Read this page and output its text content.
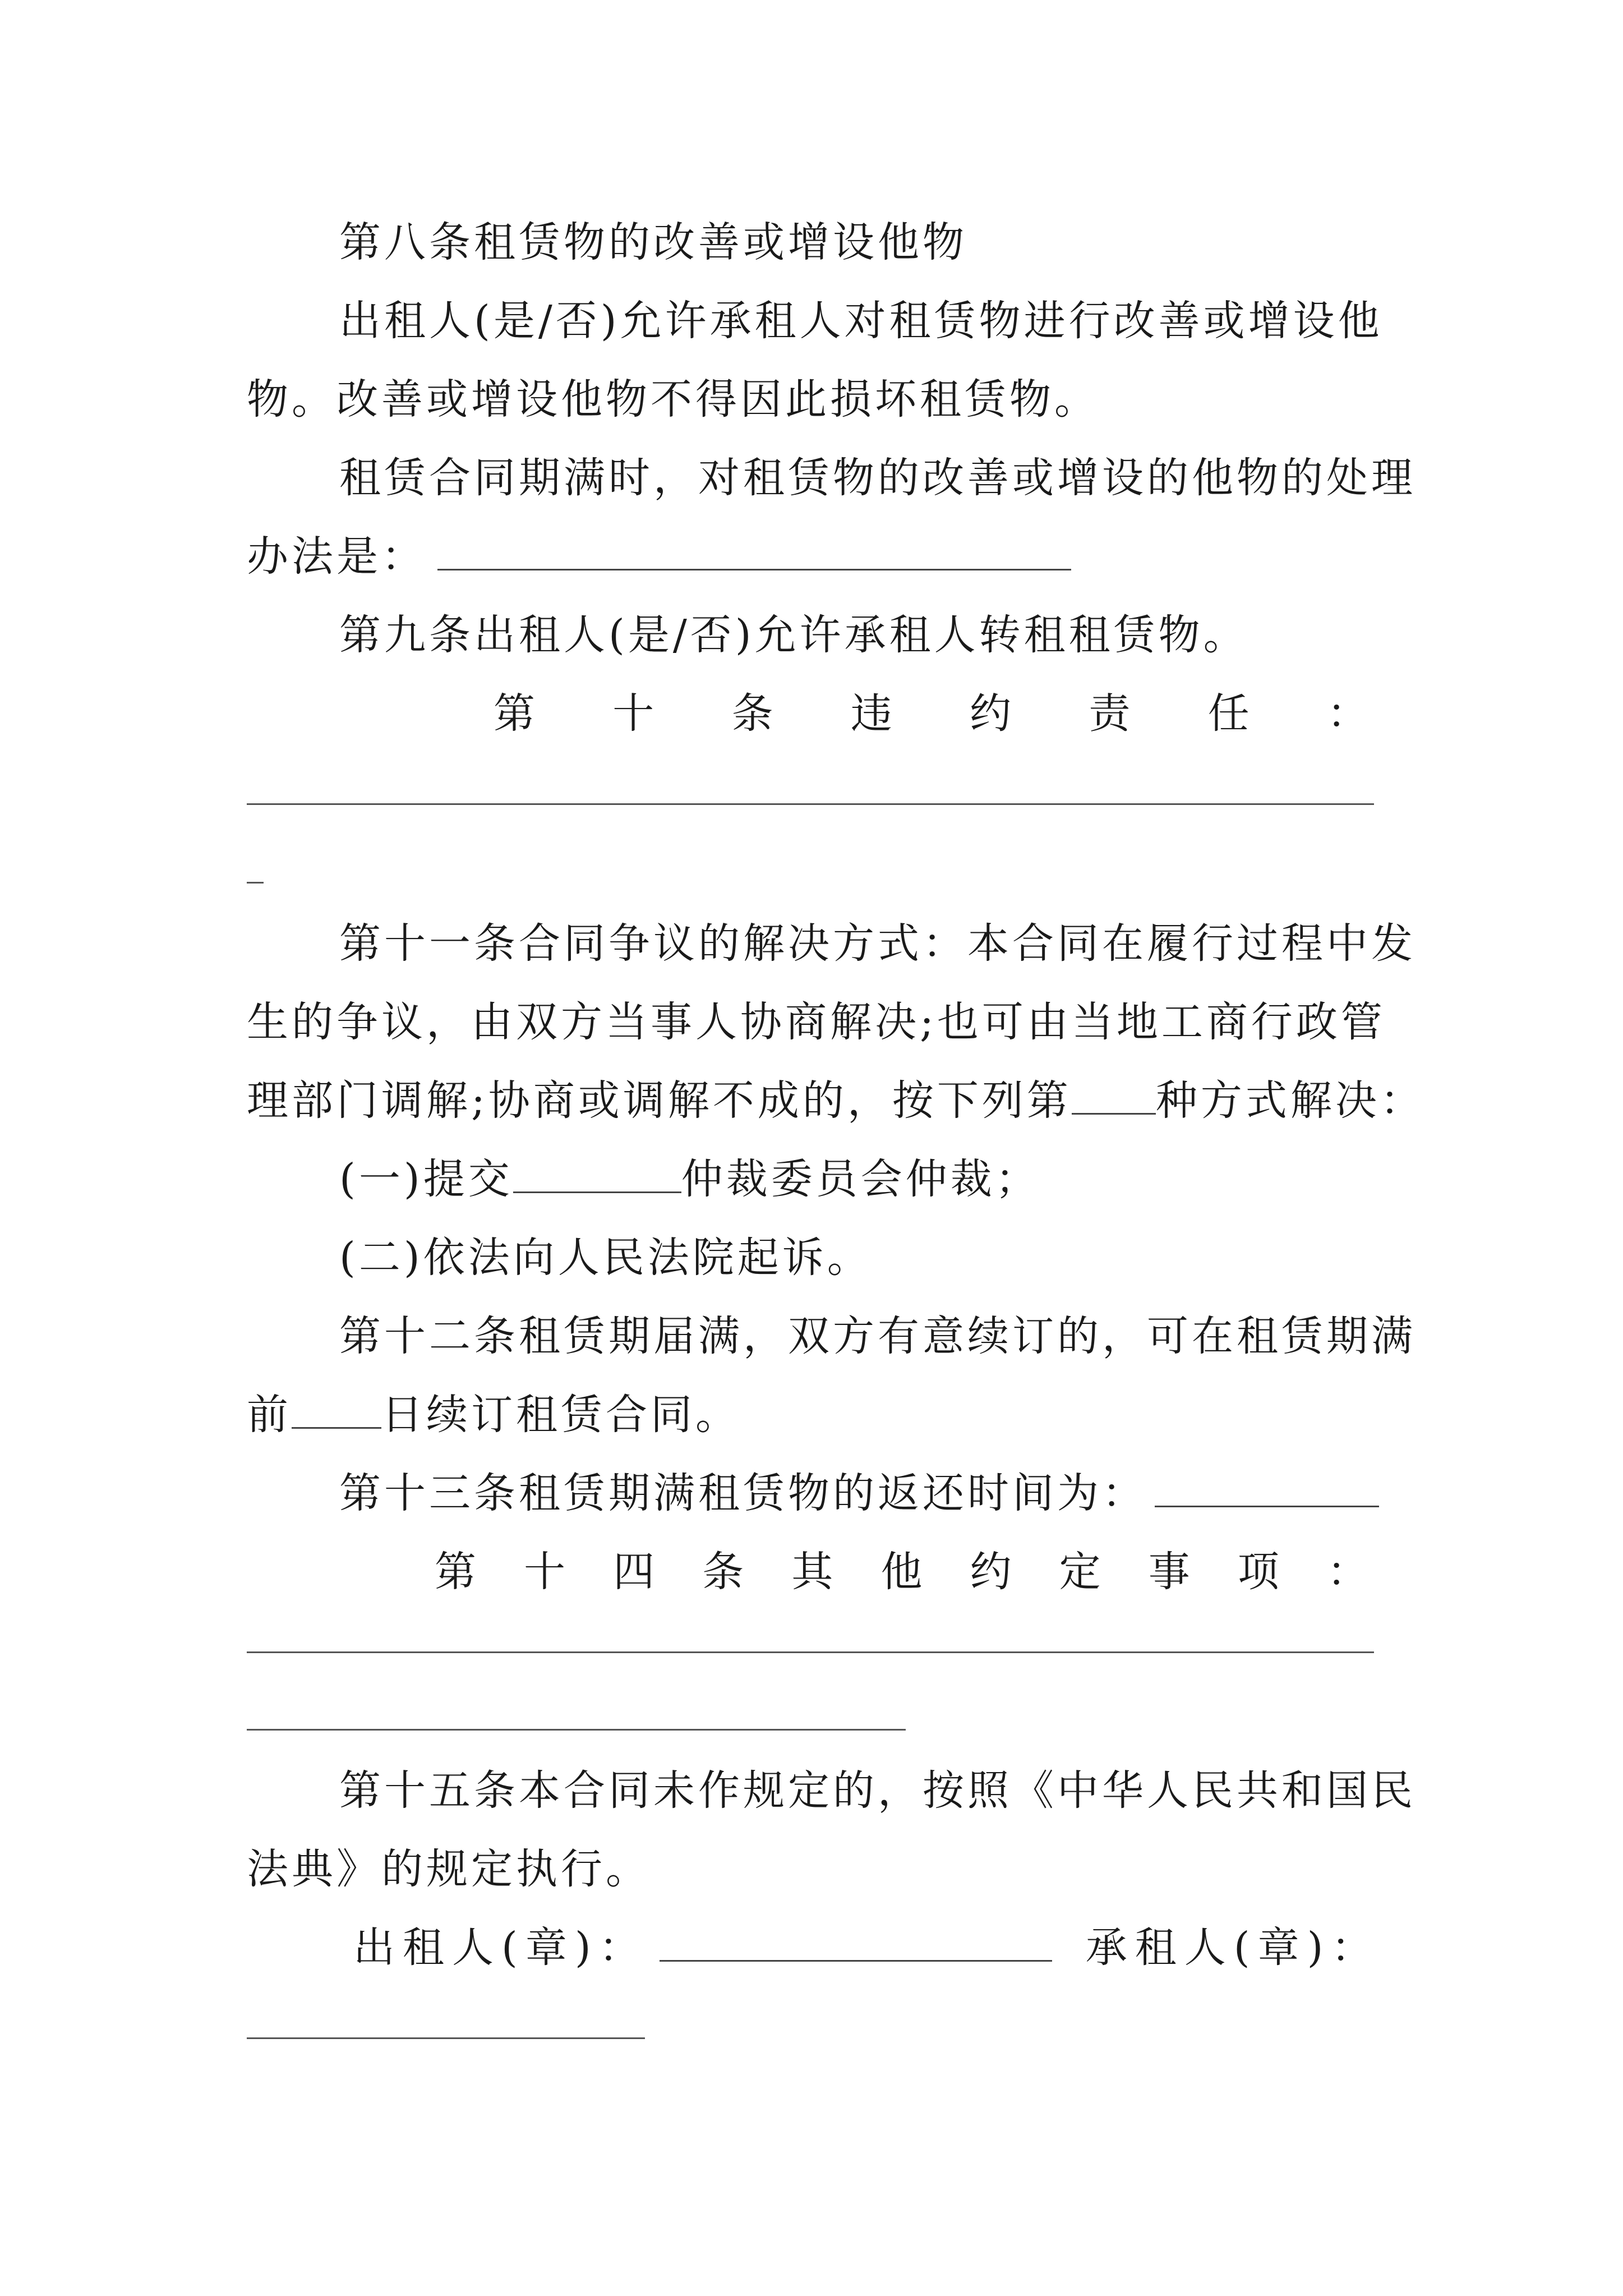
第八条租赁物的改善或增设他物
出租人(是/否)允许承租人对租赁物进行改善或增设他
物。改善或增设他物不得因此损坏租赁物。
租赁合同期满时，对租赁物的改善或增设的他物的处理
办法是：
第九条出租人(是/否)允许承租人转租租赁物。
第 十 条 违 约 责 任 ：
第十一条合同争议的解决方式：本合同在履行过程中发
生的争议，由双方当事人协商解决;也可由当地工商行政管
理部门调解;协商或调解不成的，按下列第 种方式解决：
(一)提交	仲裁委员会仲裁；
(二)依法向人民法院起诉。
第十二条租赁期届满，双方有意续订的，可在租赁期满
前 日续订租赁合同。
第十三条租赁期满租赁物的返还时间为：
第 十 四 条 其 他 约 定 事 项 ：
第十五条本合同未作规定的，按照《中华人民共和国民
法典》的规定执行。
出租人(章)：	承租人(章)：
